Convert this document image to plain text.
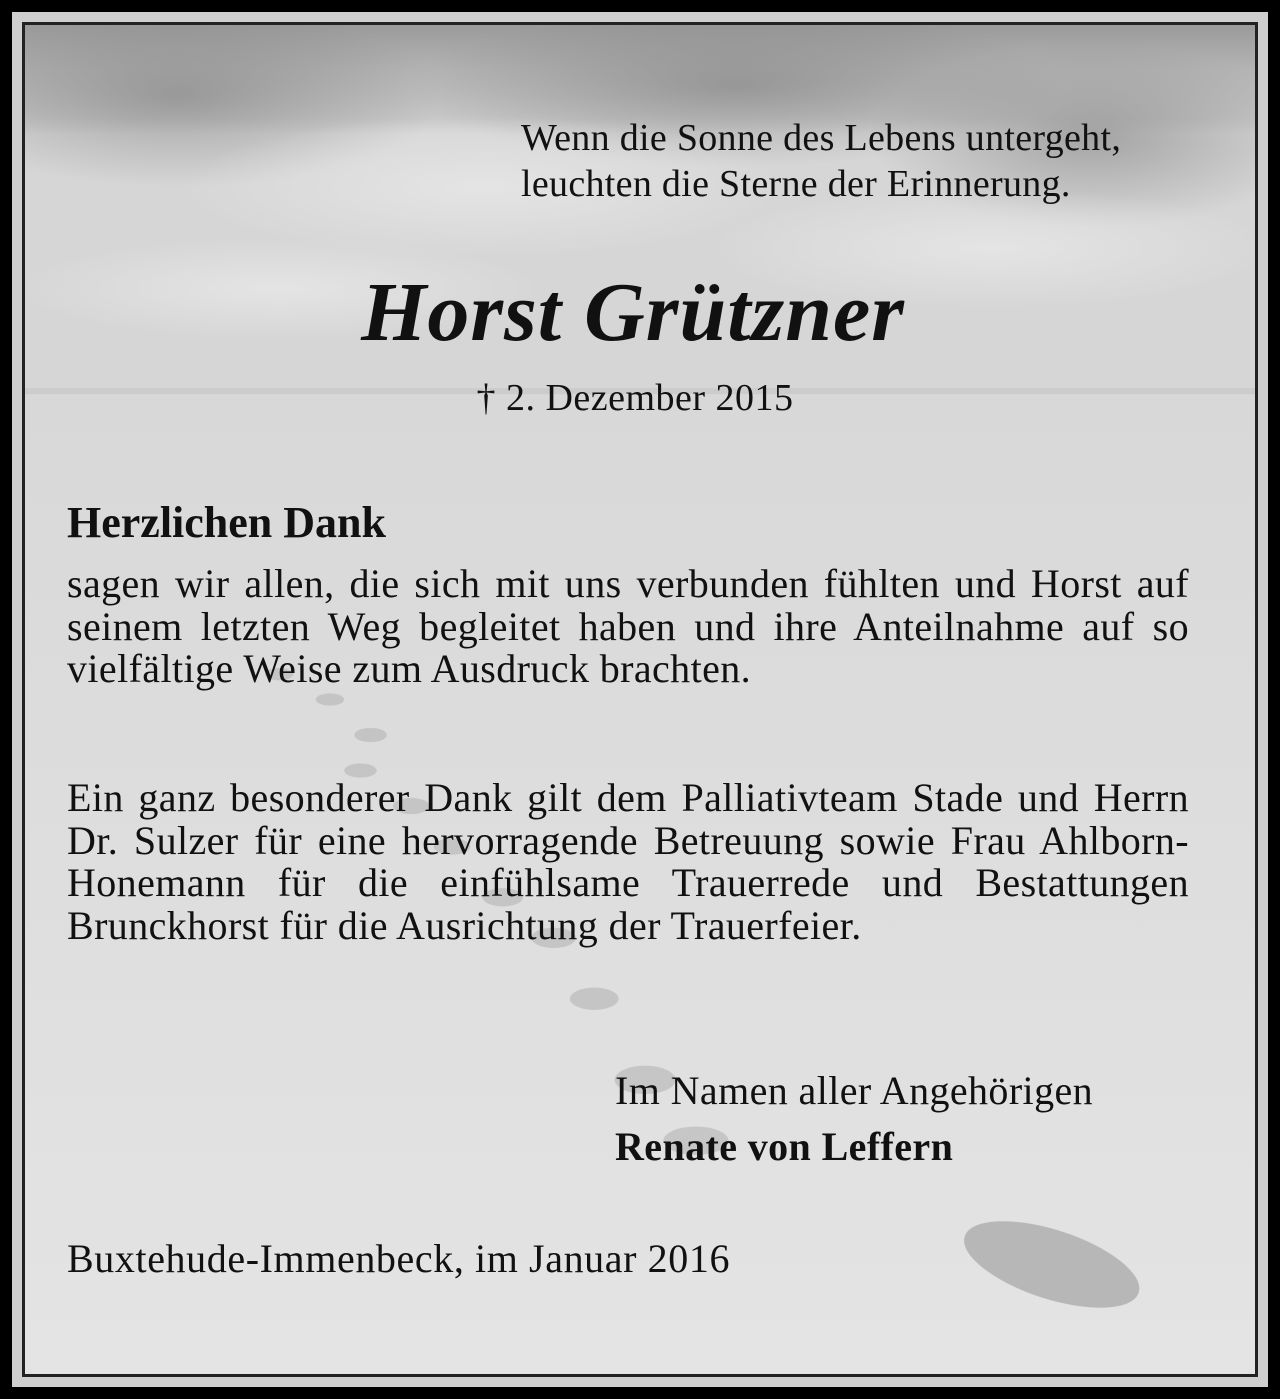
Wenn die Sonne des Lebens untergeht,
leuchten die Sterne der Erinnerung.
Horst Grützner
† 2. Dezember 2015
Herzlichen Dank
sagen wir allen, die sich mit uns verbunden fühlten und Horst auf seinem letzten Weg begleitet haben und ihre Anteilnahme auf so vielfältige Weise zum Ausdruck brachten.
Ein ganz besonderer Dank gilt dem Palliativteam Stade und Herrn Dr. Sulzer für eine hervorragende Betreuung sowie Frau Ahlborn-Honemann für die einfühlsame Trauerrede und Bestattungen Brunckhorst für die Ausrichtung der Trauerfeier.
Im Namen aller Angehörigen
Renate von Leffern
Buxtehude-Immenbeck, im Januar 2016
